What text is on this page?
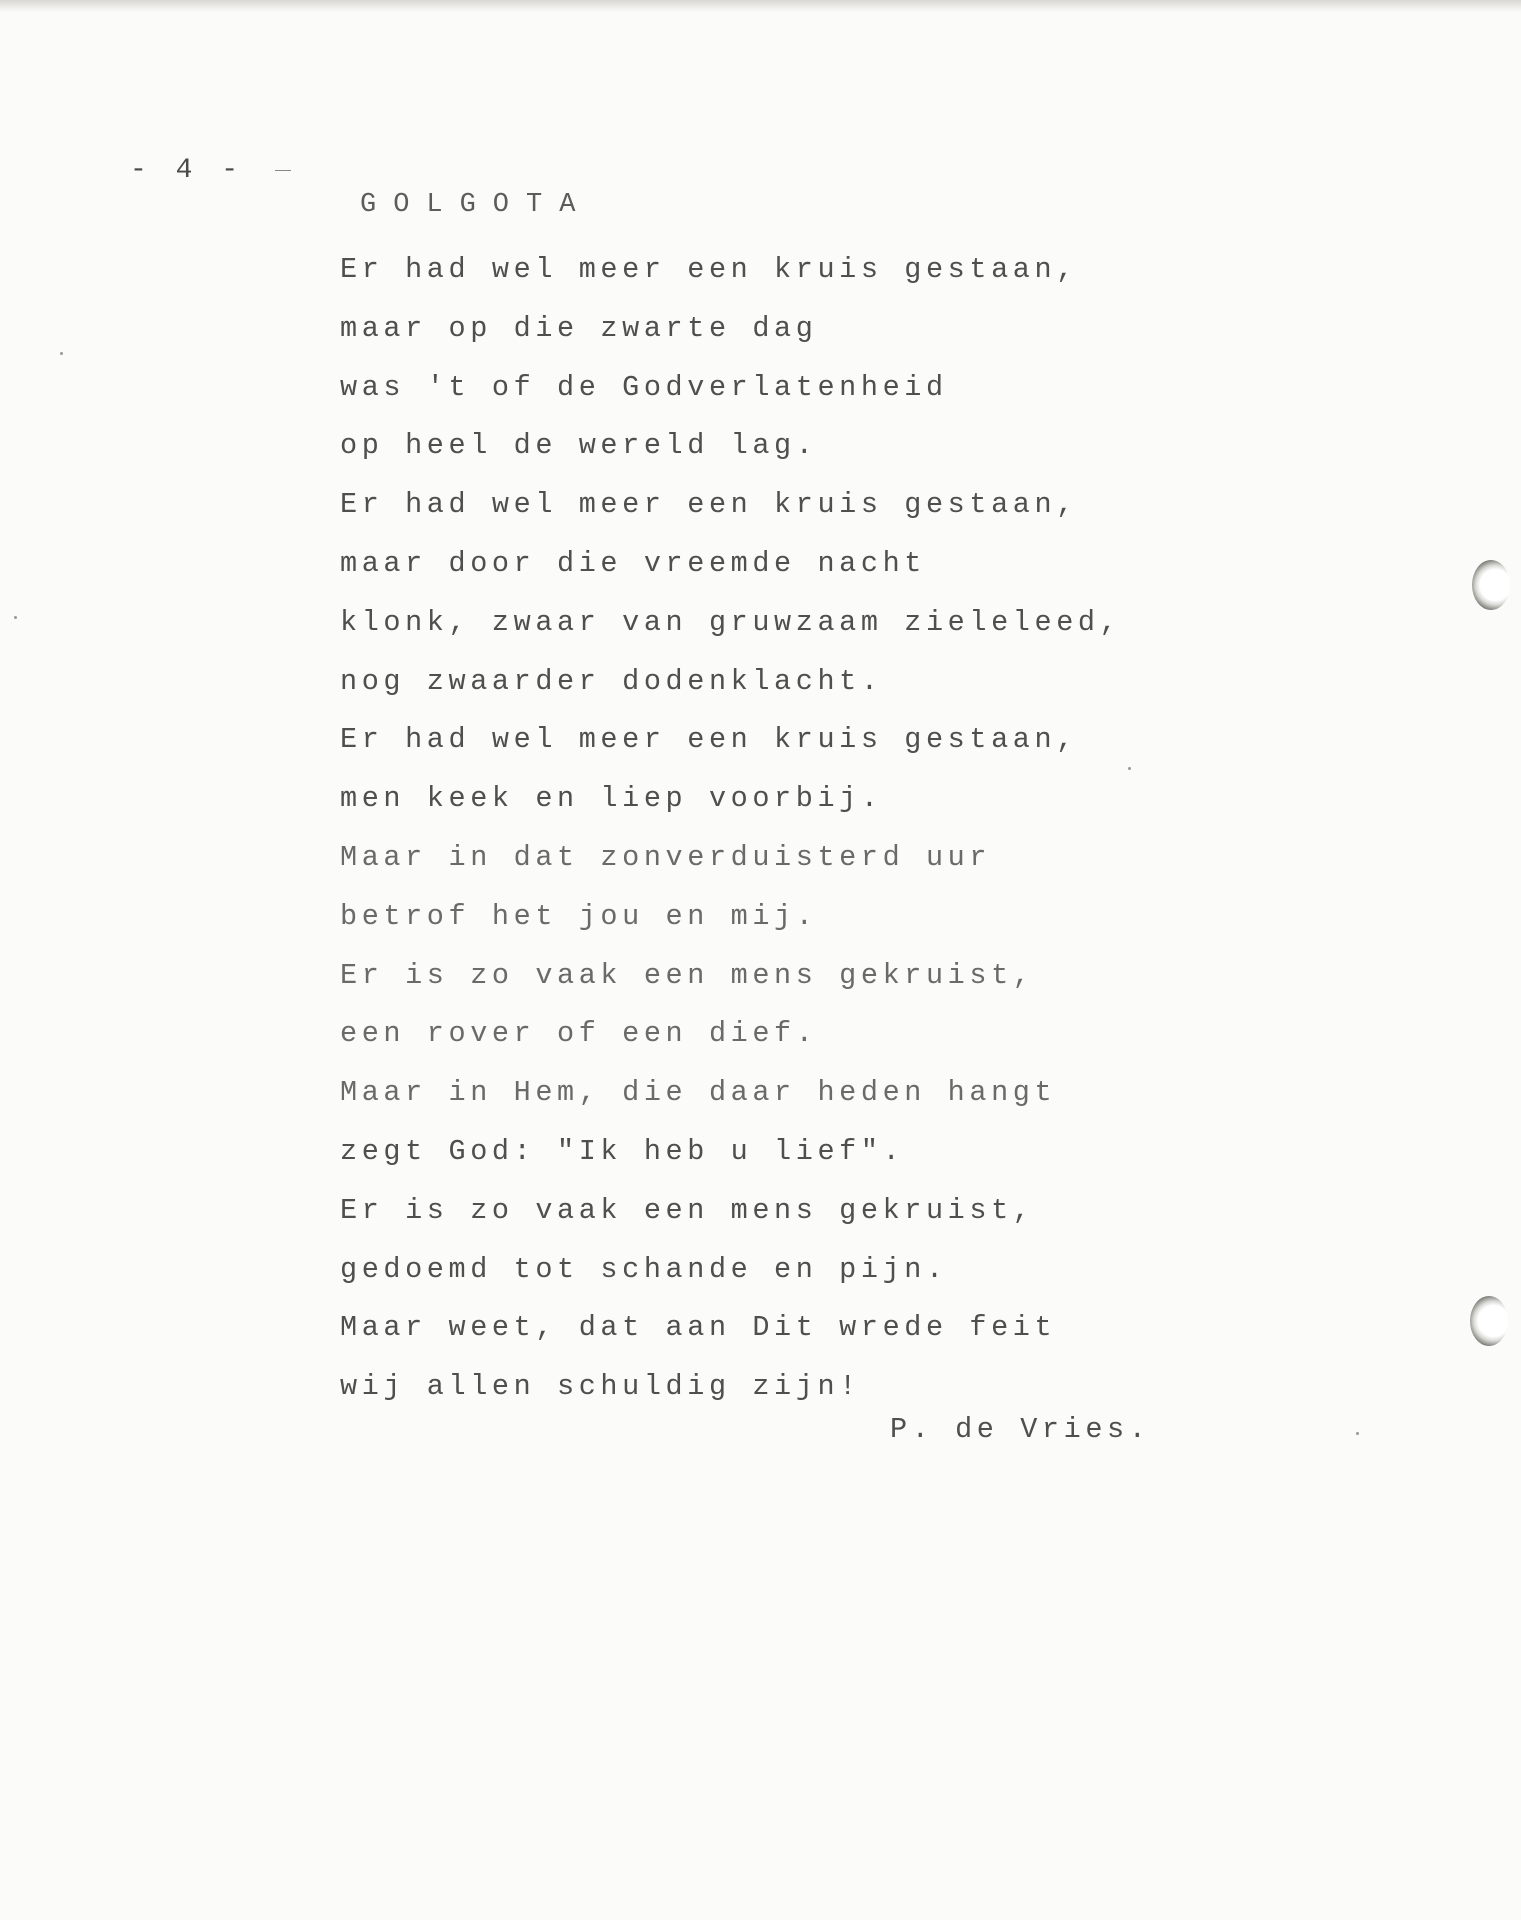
- 4 -
GOLGOTA
Er had wel meer een kruis gestaan,
maar op die zwarte dag
was 't of de Godverlatenheid
op heel de wereld lag.
Er had wel meer een kruis gestaan,
maar door die vreemde nacht
klonk, zwaar van gruwzaam zieleleed,
nog zwaarder dodenklacht.
Er had wel meer een kruis gestaan,
men keek en liep voorbij.
Maar in dat zonverduisterd uur
betrof het jou en mij.
Er is zo vaak een mens gekruist,
een rover of een dief.
Maar in Hem, die daar heden hangt
zegt God: "Ik heb u lief".
Er is zo vaak een mens gekruist,
gedoemd tot schande en pijn.
Maar weet, dat aan Dit wrede feit
wij allen schuldig zijn!
P. de Vries.
